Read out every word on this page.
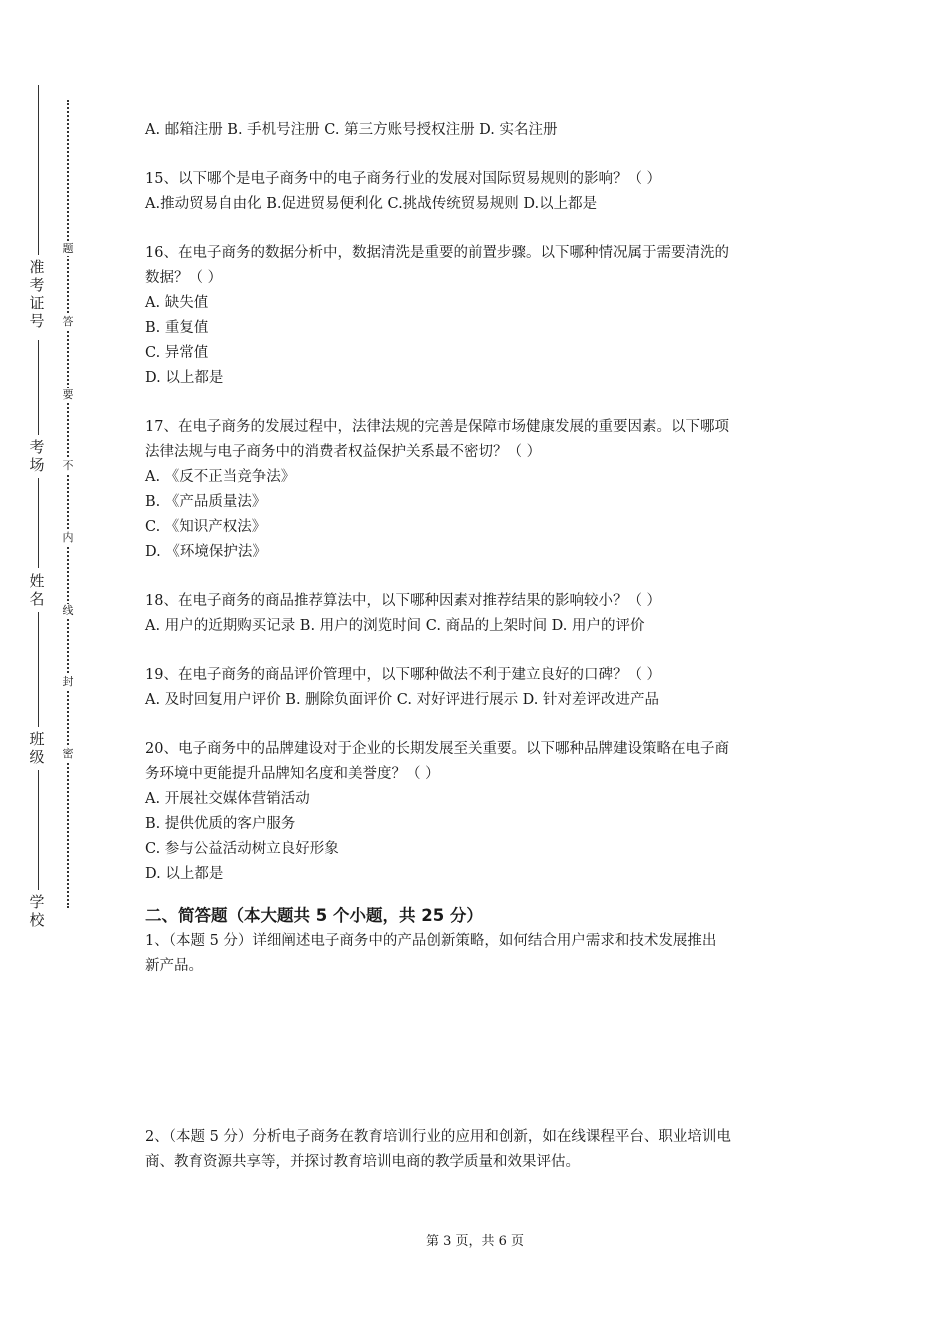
准
考
证
号
考
场
姓
名
班
级
学
校
题
答
要
不
内
线
封
密

A. 邮箱注册 B. 手机号注册 C. 第三方账号授权注册 D. 实名注册

15、以下哪个是电子商务中的电子商务行业的发展对国际贸易规则的影响？（ ）

A.推动贸易自由化 B.促进贸易便利化 C.挑战传统贸易规则 D.以上都是

16、在电子商务的数据分析中，数据清洗是重要的前置步骤。以下哪种情况属于需要清洗的

数据？（ ）

A. 缺失值

B. 重复值

C. 异常值

D. 以上都是

17、在电子商务的发展过程中，法律法规的完善是保障市场健康发展的重要因素。以下哪项

法律法规与电子商务中的消费者权益保护关系最不密切？（ ）

A. 《反不正当竞争法》

B. 《产品质量法》

C. 《知识产权法》

D. 《环境保护法》

18、在电子商务的商品推荐算法中，以下哪种因素对推荐结果的影响较小？（ ）

A. 用户的近期购买记录 B. 用户的浏览时间 C. 商品的上架时间 D. 用户的评价

19、在电子商务的商品评价管理中，以下哪种做法不利于建立良好的口碑？（ ）

A. 及时回复用户评价 B. 删除负面评价 C. 对好评进行展示 D. 针对差评改进产品

20、电子商务中的品牌建设对于企业的长期发展至关重要。以下哪种品牌建设策略在电子商

务环境中更能提升品牌知名度和美誉度？（ ）

A. 开展社交媒体营销活动

B. 提供优质的客户服务

C. 参与公益活动树立良好形象

D. 以上都是

二、简答题（本大题共 5 个小题，共 25 分）

1、（本题 5 分）详细阐述电子商务中的产品创新策略，如何结合用户需求和技术发展推出

新产品。

2、（本题 5 分）分析电子商务在教育培训行业的应用和创新，如在线课程平台、职业培训电

商、教育资源共享等，并探讨教育培训电商的教学质量和效果评估。

第 3 页，共 6 页
